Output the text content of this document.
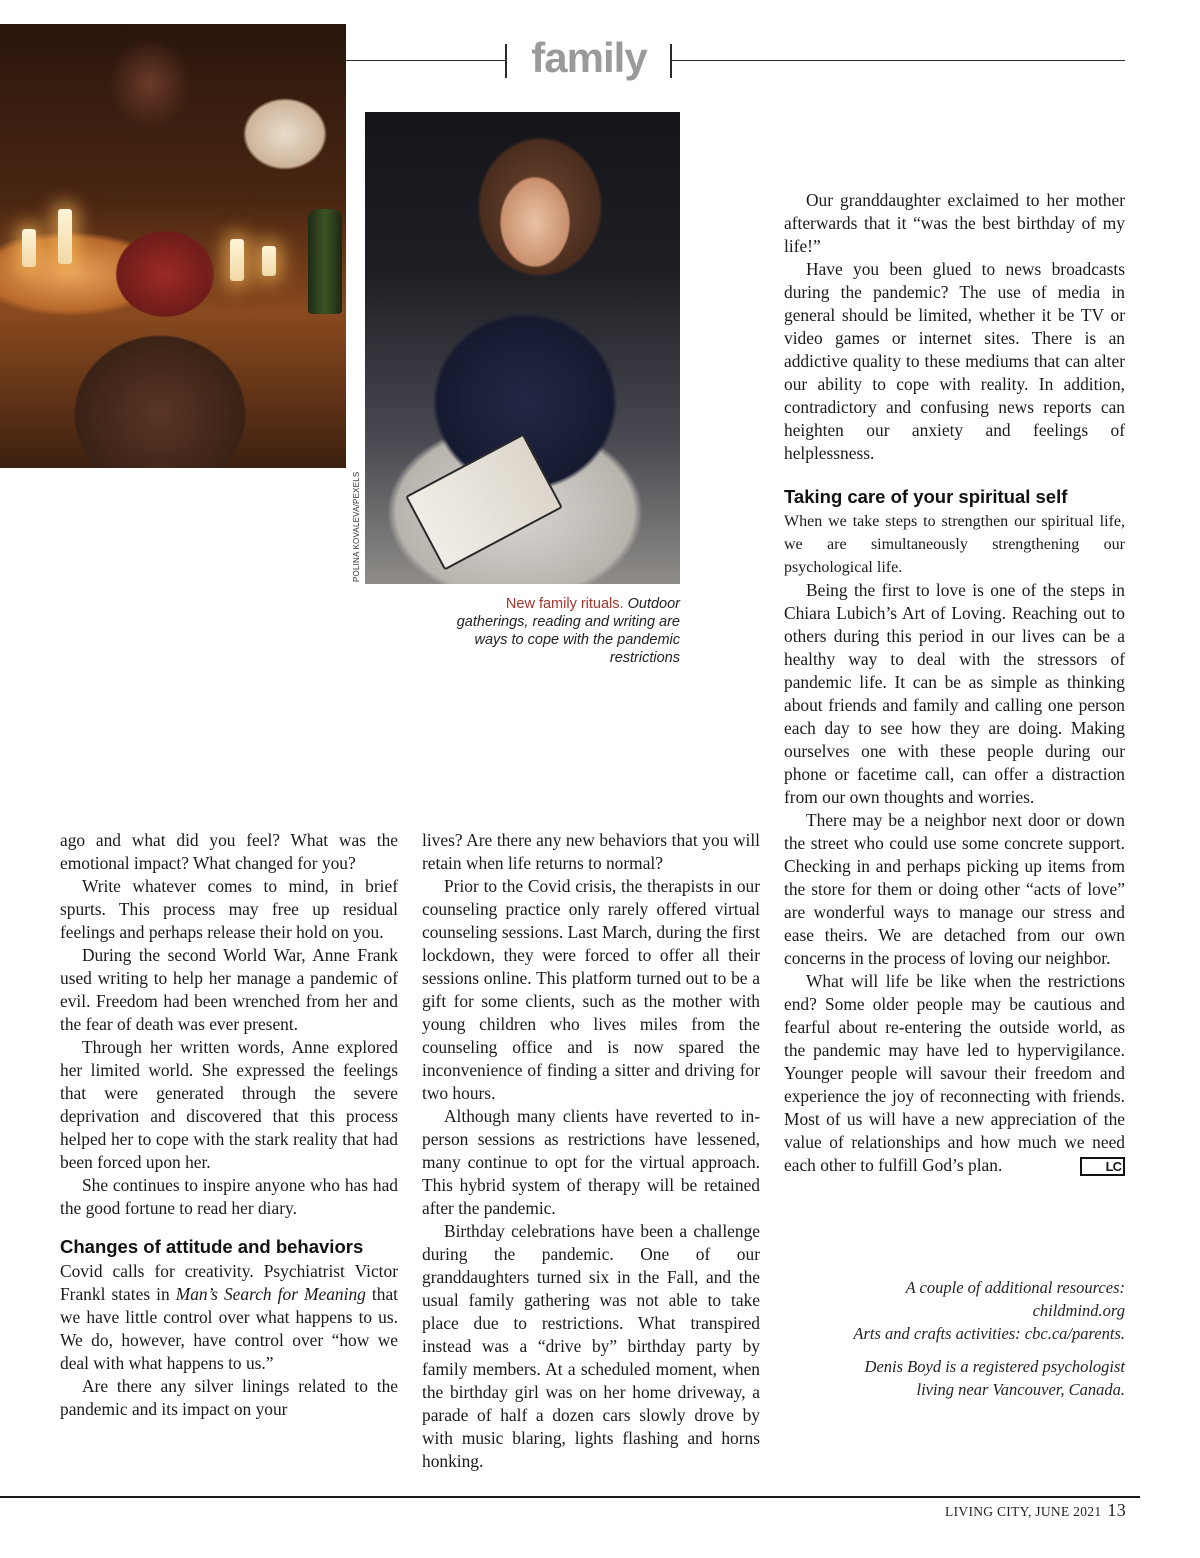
POLINA KOVALEVA/PEXELS
family
New family rituals. Outdoor gatherings, reading and writing are ways to cope with the pandemic restrictions

ago and what did you feel? What was the emotional impact? What changed for you?

Write whatever comes to mind, in brief spurts. This process may free up residual feelings and perhaps release their hold on you.

During the second World War, Anne Frank used writing to help her manage a pandemic of evil. Freedom had been wrenched from her and the fear of death was ever present.

Through her written words, Anne explored her limited world. She expressed the feelings that were generated through the severe deprivation and discovered that this process helped her to cope with the stark reality that had been forced upon her.

She continues to inspire anyone who has had the good fortune to read her diary.

Changes of attitude and behaviors

Covid calls for creativity. Psychiatrist Victor Frankl states in Man’s Search for Meaning that we have little control over what happens to us. We do, however, have control over “how we deal with what happens to us.”

Are there any silver linings related to the pandemic and its impact on your

lives? Are there any new behaviors that you will retain when life returns to normal?

Prior to the Covid crisis, the therapists in our counseling practice only rarely offered virtual counseling sessions. Last March, during the first lockdown, they were forced to offer all their sessions online. This platform turned out to be a gift for some clients, such as the mother with young children who lives miles from the counseling office and is now spared the inconvenience of finding a sitter and driving for two hours.

Although many clients have reverted to in-person sessions as restrictions have lessened, many continue to opt for the virtual approach. This hybrid system of therapy will be retained after the pandemic.

Birthday celebrations have been a challenge during the pandemic. One of our granddaughters turned six in the Fall, and the usual family gathering was not able to take place due to restrictions. What transpired instead was a “drive by” birthday party by family members. At a scheduled moment, when the birthday girl was on her home driveway, a parade of half a dozen cars slowly drove by with music blaring, lights flashing and horns honking.

Our granddaughter exclaimed to her mother afterwards that it “was the best birthday of my life!”

Have you been glued to news broadcasts during the pandemic? The use of media in general should be limited, whether it be TV or video games or internet sites. There is an addictive quality to these mediums that can alter our ability to cope with reality. In addition, contradictory and confusing news reports can heighten our anxiety and feelings of helplessness.

Taking care of your spiritual self

When we take steps to strengthen our spiritual life, we are simultaneously strengthening our psychological life.

Being the first to love is one of the steps in Chiara Lubich’s Art of Loving. Reaching out to others during this period in our lives can be a healthy way to deal with the stressors of pandemic life. It can be as simple as thinking about friends and family and calling one person each day to see how they are doing. Making ourselves one with these people during our phone or facetime call, can offer a distraction from our own thoughts and worries.

There may be a neighbor next door or down the street who could use some concrete support. Checking in and perhaps picking up items from the store for them or doing other “acts of love” are wonderful ways to manage our stress and ease theirs. We are detached from our own concerns in the process of loving our neighbor.

What will life be like when the restrictions end? Some older people may be cautious and fearful about re-entering the outside world, as the pandemic may have led to hypervigilance. Younger people will savour their freedom and experience the joy of reconnecting with friends. Most of us will have a new appreciation of the value of relationships and how much we need each other to fulfill God’s plan.	LC

A couple of additional resources:

childmind.org

Arts and crafts activities: cbc.ca/parents.

Denis Boyd is a registered psychologist

living near Vancouver, Canada.

LIVING CITY, JUNE 2021 13
